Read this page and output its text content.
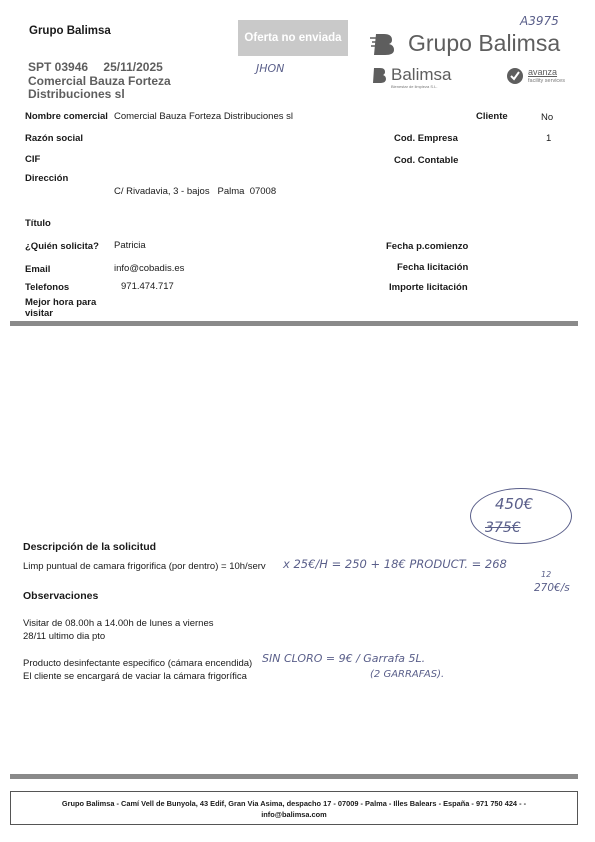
Grupo Balimsa
Oferta no enviada
SPT 03946 25/11/2025
Comercial Bauza Forteza Distribuciones sl
A3975
JHON
Grupo Balimsa
Balimsa
Bienestar de limpieza S.L.
avanza
facility services
Nombre comercial Comercial Bauza Forteza Distribuciones sl	Cliente	No
Razón social	Cod. Empresa	1
CIF	Cod. Contable
Dirección
C/ Rivadavia, 3 - bajos   Palma  07008
Título
¿Quién solicita? Patricia	Fecha p.comienzo
Email	info@cobadis.es	Fecha licitación
Telefonos	971.474.717	Importe licitación
Mejor hora para visitar
450€
375€
Descripción de la solicitud
Limp puntual de camara frigorifica (por dentro) = 10h/serv x 25€/H = 250 + 18€ PRODUCT. = 268
12
270€/s
Observaciones
Visitar de 08.00h a 14.00h de lunes a viernes
28/11 ultimo dia pto
Producto desinfectante especifico (cámara encendida)
El cliente se encargará de vaciar la cámara frigorífica
SIN CLORO = 9€ / Garrafa 5L.
(2 GARRAFAS).
Grupo Balimsa - Camí Vell de Bunyola, 43 Edif, Gran Via Asima, despacho 17 - 07009 - Palma - Illes Balears - España - 971 750 424 - -
info@balimsa.com
